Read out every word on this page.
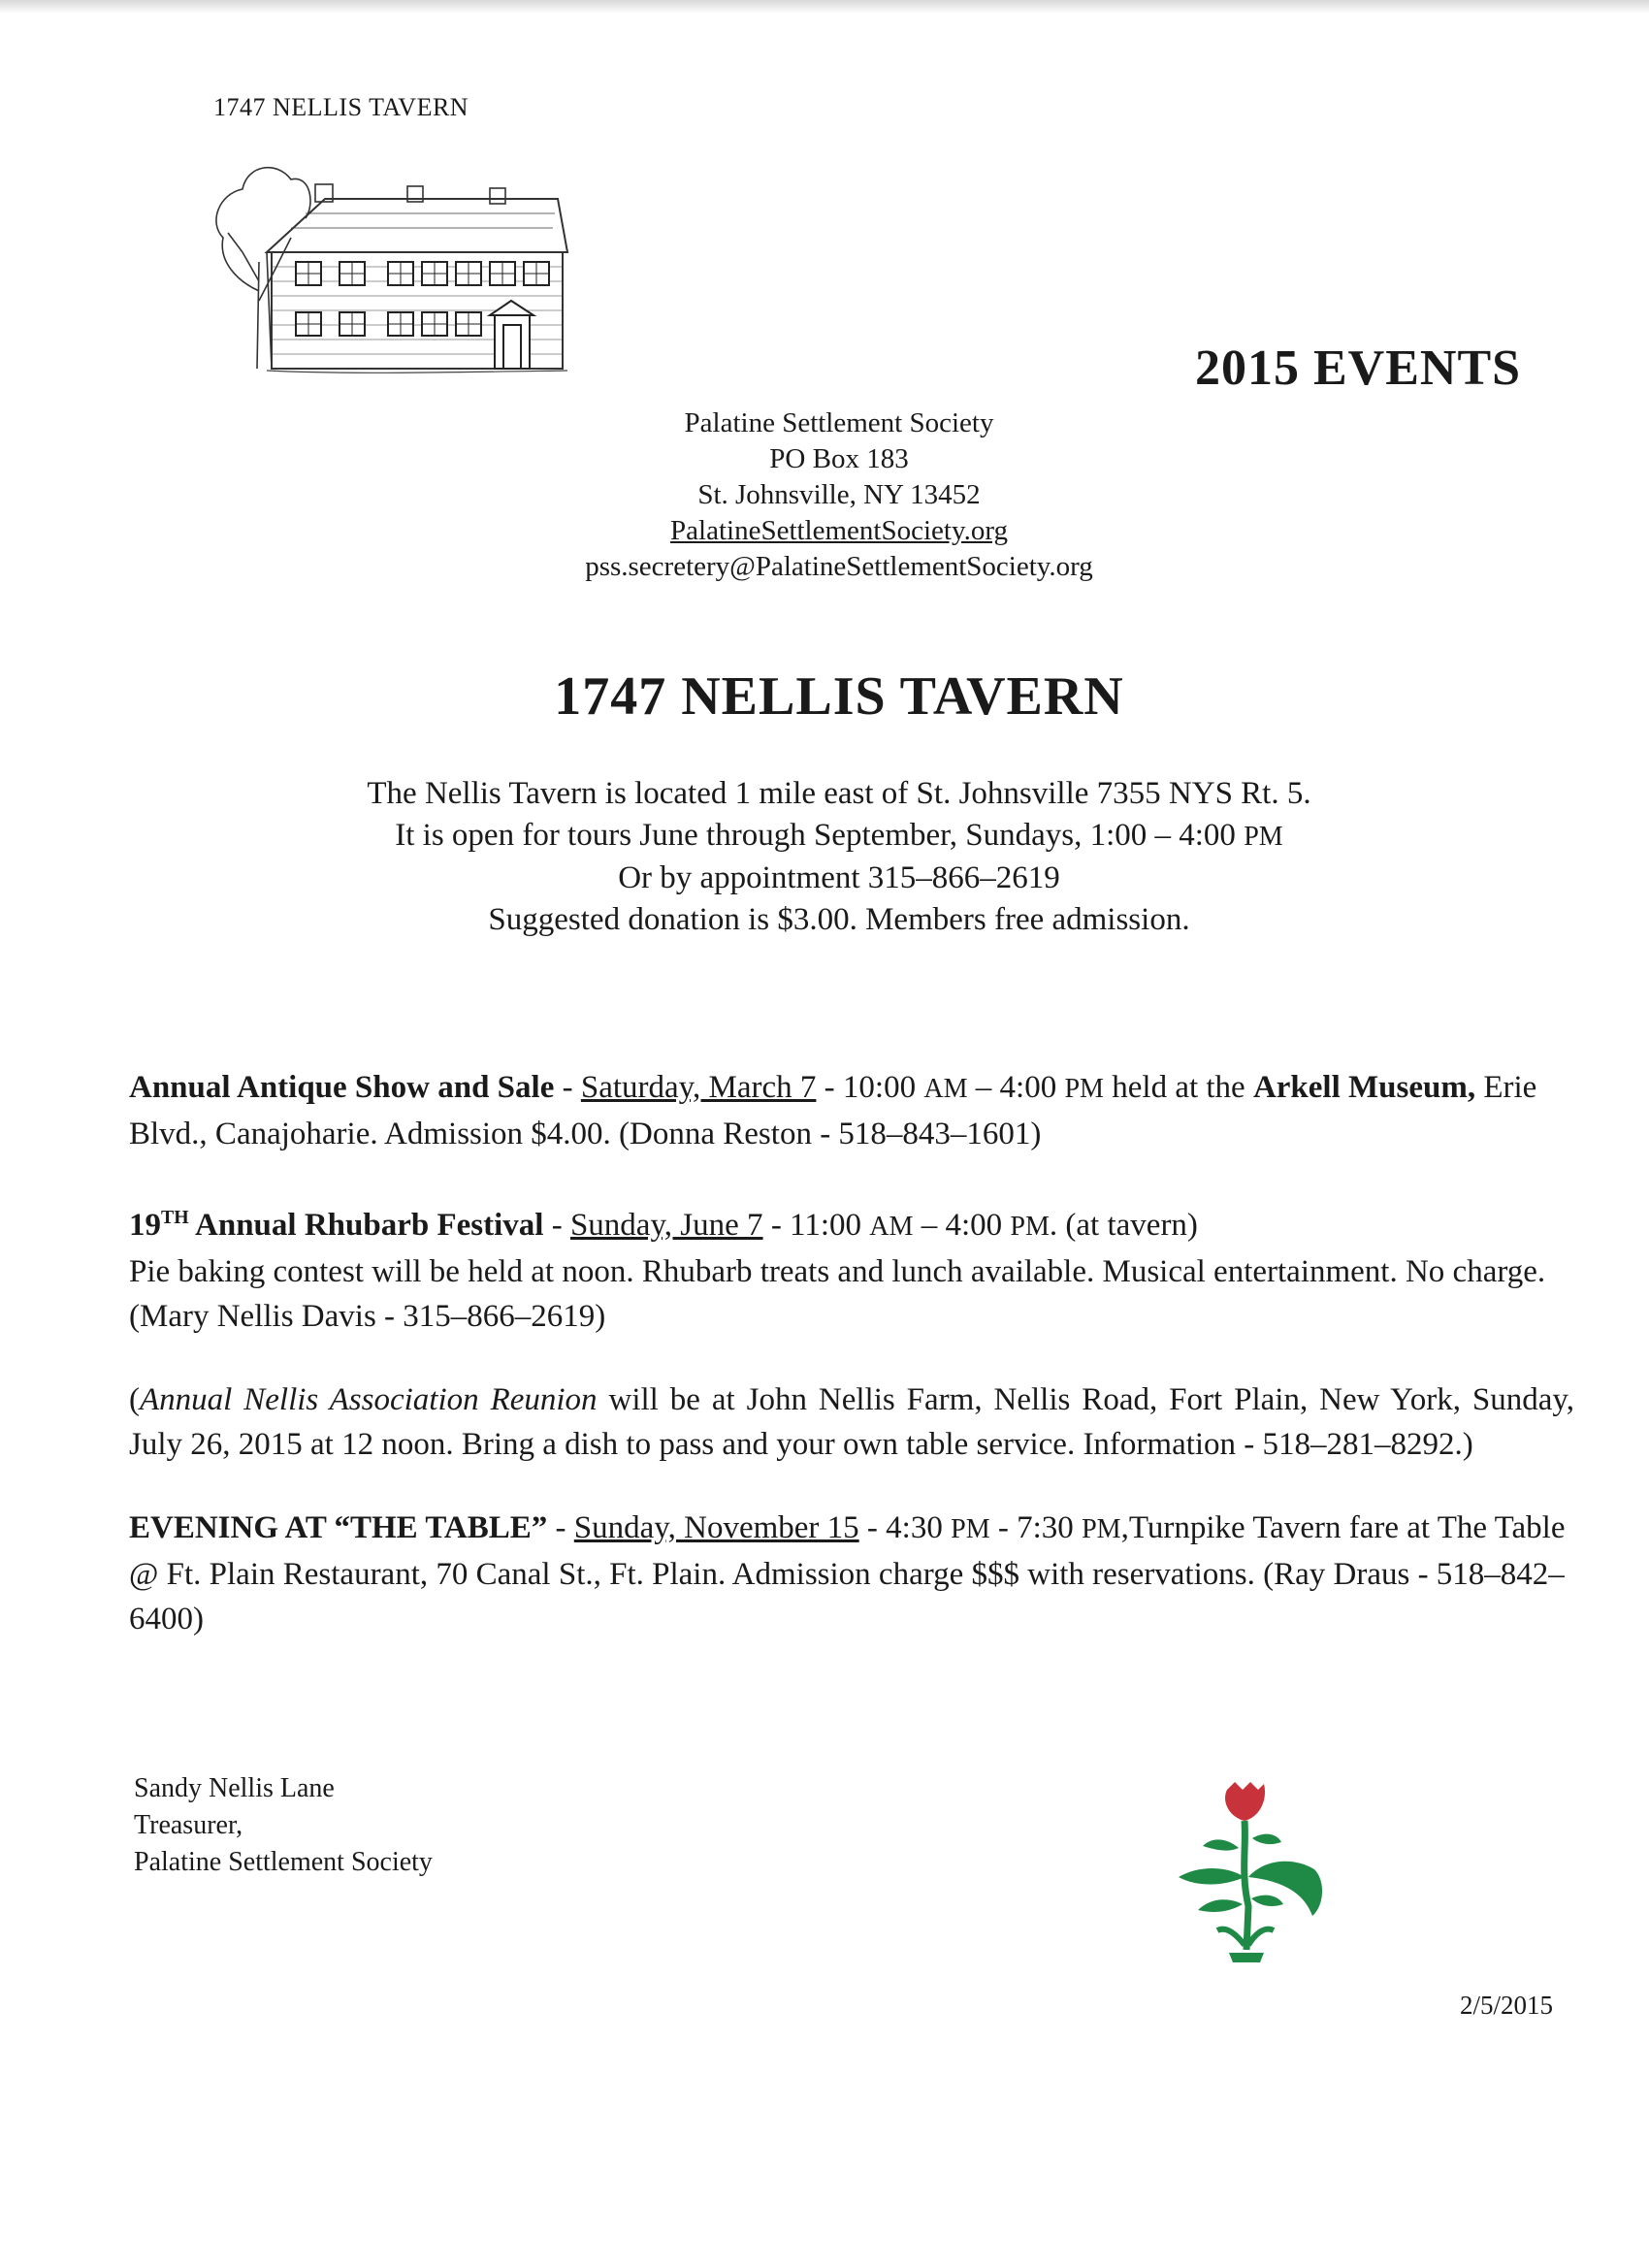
1747 NELLIS TAVERN
2015 EVENTS
Palatine Settlement Society
PO Box 183
St. Johnsville, NY 13452
PalatineSettlementSociety.org
pss.secretery@PalatineSettlementSociety.org
1747 NELLIS TAVERN
The Nellis Tavern is located 1 mile east of St. Johnsville 7355 NYS Rt. 5.
It is open for tours June through September, Sundays, 1:00 – 4:00 PM
Or by appointment 315–866–2619
Suggested donation is $3.00. Members free admission.
Annual Antique Show and Sale - Saturday, March 7 - 10:00 AM – 4:00 PM held at the Arkell Museum, Erie Blvd., Canajoharie. Admission $4.00. (Donna Reston - 518–843–1601)
19TH Annual Rhubarb Festival - Sunday, June 7 - 11:00 AM – 4:00 PM. (at tavern)
Pie baking contest will be held at noon. Rhubarb treats and lunch available. Musical entertainment. No charge. (Mary Nellis Davis - 315–866–2619)
(Annual Nellis Association Reunion will be at John Nellis Farm, Nellis Road, Fort Plain, New York, Sunday, July 26, 2015 at 12 noon. Bring a dish to pass and your own table service. Information - 518–281–8292.)
EVENING AT “THE TABLE” - Sunday, November 15 - 4:30 PM - 7:30 PM,Turnpike Tavern fare at The Table @ Ft. Plain Restaurant, 70 Canal St., Ft. Plain. Admission charge $$$ with reservations. (Ray Draus - 518–842–6400)
Sandy Nellis Lane
Treasurer,
Palatine Settlement Society
2/5/2015
